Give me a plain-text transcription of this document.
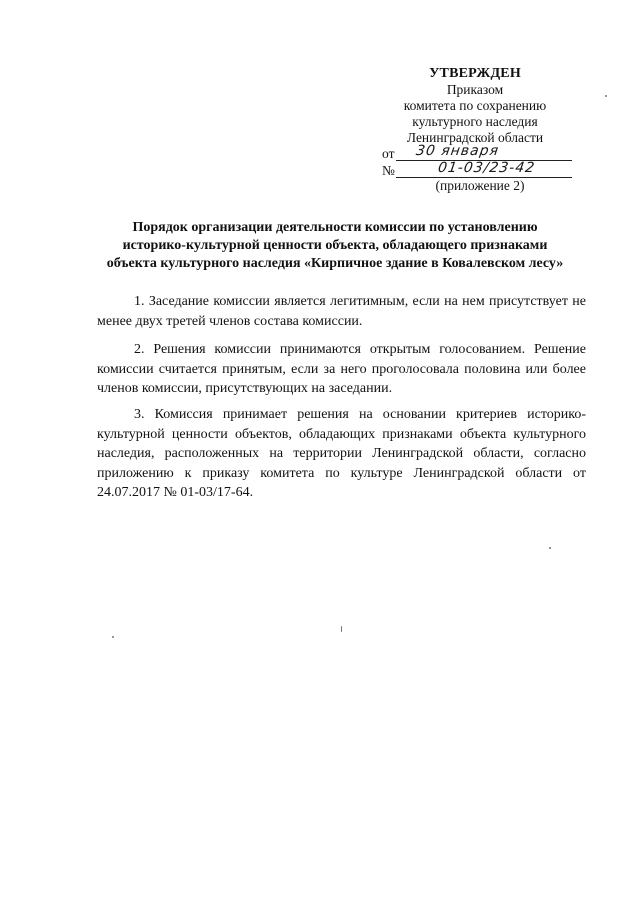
УТВЕРЖДЕН
Приказом
комитета по сохранению
культурного наследия
Ленинградской области
от 30 января
№	01-03/23-42
(приложение 2)
Порядок организации деятельности комиссии по установлению
историко-культурной ценности объекта, обладающего признаками
объекта культурного наследия «Кирпичное здание в Ковалевском лесу»

1. Заседание комиссии является легитимным, если на нем присутствует не менее двух третей членов состава комиссии.

2. Решения комиссии принимаются открытым голосованием. Решение комиссии считается принятым, если за него проголосовала половина или более членов комиссии, присутствующих на заседании.

3. Комиссия принимает решения на основании критериев историко-культурной ценности объектов, обладающих признаками объекта культурного наследия, расположенных на территории Ленинградской области, согласно приложению к приказу комитета по культуре Ленинградской области от 24.07.2017 № 01-03/17-64.
